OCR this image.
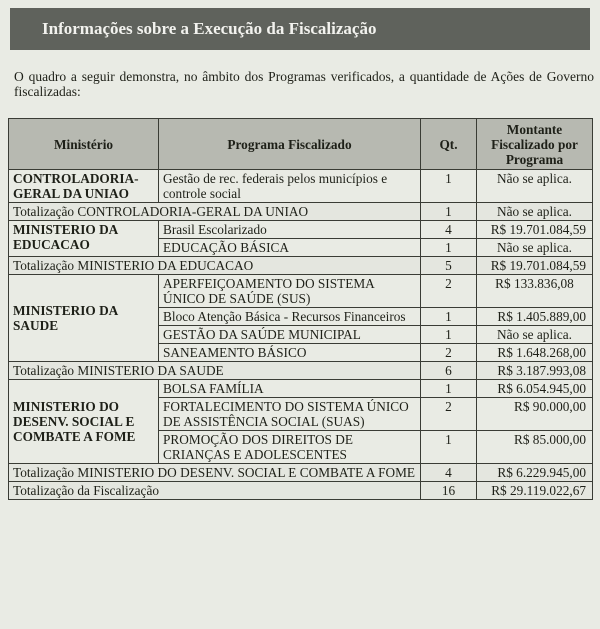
Informações sobre a Execução da Fiscalização
O quadro a seguir demonstra, no âmbito dos Programas verificados, a quantidade de Ações de Governo fiscalizadas:
Ministério	Programa Fiscalizado	Qt.	Montante Fiscalizado por Programa
CONTROLADORIA-GERAL DA UNIAO	Gestão de rec. federais pelos municípios e controle social	1	Não se aplica.
Totalização CONTROLADORIA-GERAL DA UNIAO		1	Não se aplica.
MINISTERIO DA EDUCACAO	Brasil Escolarizado	4	R$ 19.701.084,59
	EDUCAÇÃO BÁSICA	1	Não se aplica.
Totalização MINISTERIO DA EDUCACAO		5	R$ 19.701.084,59
MINISTERIO DA SAUDE	APERFEIÇOAMENTO DO SISTEMA ÚNICO DE SAÚDE (SUS)	2	R$ 133.836,08
	Bloco Atenção Básica - Recursos Financeiros	1	R$ 1.405.889,00
	GESTÃO DA SAÚDE MUNICIPAL	1	Não se aplica.
	SANEAMENTO BÁSICO	2	R$ 1.648.268,00
Totalização MINISTERIO DA SAUDE		6	R$ 3.187.993,08
MINISTERIO DO DESENV. SOCIAL E COMBATE A FOME	BOLSA FAMÍLIA	1	R$ 6.054.945,00
	FORTALECIMENTO DO SISTEMA ÚNICO DE ASSISTÊNCIA SOCIAL (SUAS)	2	R$ 90.000,00
	PROMOÇÃO DOS DIREITOS DE CRIANÇAS E ADOLESCENTES	1	R$ 85.000,00
Totalização MINISTERIO DO DESENV. SOCIAL E COMBATE A FOME		4	R$ 6.229.945,00
Totalização da Fiscalização		16	R$ 29.119.022,67
